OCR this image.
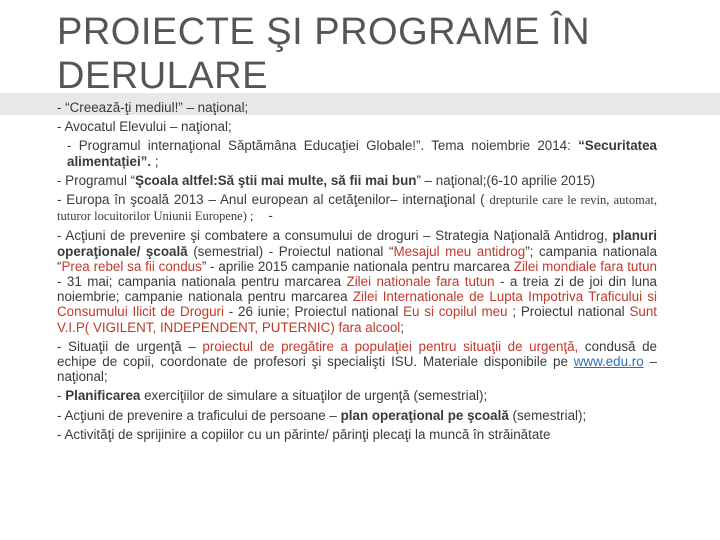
PROIECTE ŞI PROGRAME ÎN DERULARE

- “Creează-ţi mediul!” – naţional;

- Avocatul Elevului – naţional;

- Programul internaţional Săptămâna Educaţiei Globale!”. Tema noiembrie 2014: “Securitatea alimentației”. ;

- Programul “Şcoala altfel:Să ştii mai multe, să fii mai bun” – naţional;(6-10 aprilie 2015)

- Europa în şcoală 2013 – Anul european al cetăţenilor– internaţional ( drepturile care le revin, automat, tuturor locuitorilor Uniunii Europene) ; -

- Acţiuni de prevenire şi combatere a consumului de droguri – Strategia Naţională Antidrog, planuri operaţionale/ şcoală (semestrial) - Proiectul national “Mesajul meu antidrog”; campania nationala “Prea rebel sa fii condus” - aprilie 2015 campanie nationala pentru marcarea Zilei mondiale fara tutun - 31 mai; campania nationala pentru marcarea Zilei nationale fara tutun - a treia zi de joi din luna noiembrie; campanie nationala pentru marcarea Zilei Internationale de Lupta Impotriva Traficului si Consumului Ilicit de Droguri - 26 iunie; Proiectul national Eu si copilul meu ; Proiectul national Sunt V.I.P( VIGILENT, INDEPENDENT, PUTERNIC) fara alcool;

- Situaţii de urgenţă – proiectul de pregătire a populaţiei pentru situaţii de urgenţă, condusă de echipe de copii, coordonate de profesori şi specialişti ISU. Materiale disponibile pe www.edu.ro – naţional;

- Planificarea exerciţiilor de simulare a situaţilor de urgenţă (semestrial);

- Acţiuni de prevenire a traficului de persoane – plan operaţional pe şcoală (semestrial);

- Activităţi de sprijinire a copiilor cu un părinte/ părinţi plecaţi la muncă în străinătate
